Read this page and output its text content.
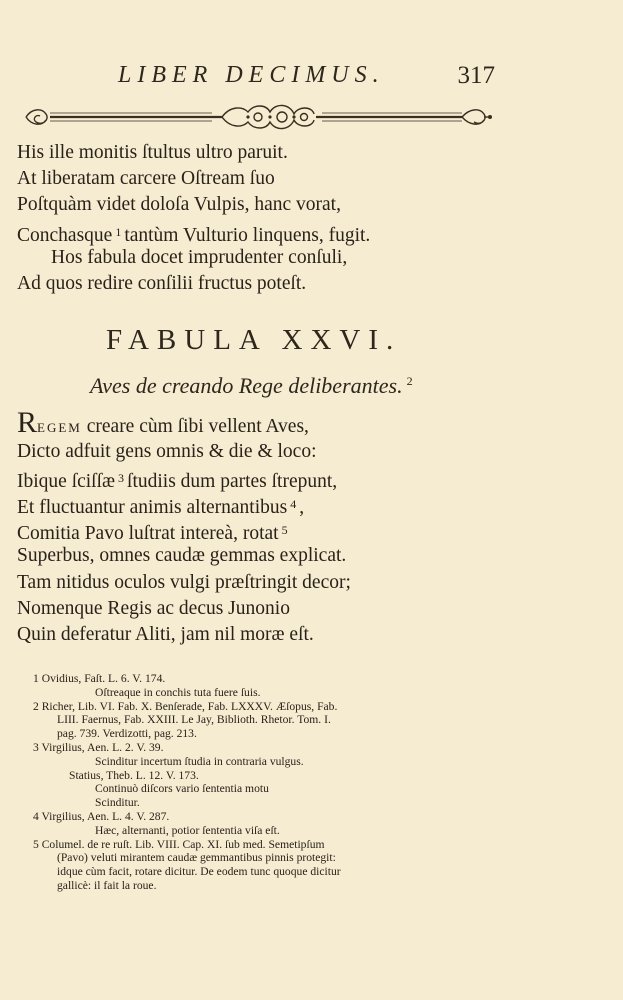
LIBER DECIMUS.	317
His ille monitis ſtultus ultro paruit.
At liberatam carcere Oſtream ſuo
Poſtquàm videt doloſa Vulpis, hanc vorat,
Conchasque $^1$ tantùm Vulturio linquens, fugit.
Hos fabula docet imprudenter conſuli,
Ad quos redire conſilii fructus poteſt.
FABULA XXVI.
Aves de creando Rege deliberantes. $^2$
REGEM creare cùm ſibi vellent Aves,
Dicto adfuit gens omnis & die & loco:
Ibique ſciſſæ $^3$ ſtudiis dum partes ſtrepunt,
Et fluctuantur animis alternantibus $^4$ ,
Comitia Pavo luſtrat intereà, rotat $^5$
Superbus, omnes caudæ gemmas explicat.
Tam nitidus oculos vulgi præſtringit decor;
Nomenque Regis ac decus Junonio
Quin deferatur Aliti, jam nil moræ eſt.
1 Ovidius, Faſt. L. 6. V. 174.
Oſtreaque in conchis tuta fuere ſuis.
2 Richer, Lib. VI. Fab. X. Benſerade, Fab. LXXXV. Æſopus, Fab.
LIII. Faernus, Fab. XXIII. Le Jay, Biblioth. Rhetor. Tom. I.
pag. 739. Verdizotti, pag. 213.
3 Virgilius, Aen. L. 2. V. 39.
Scinditur incertum ſtudia in contraria vulgus.
Statius, Theb. L. 12. V. 173.
Continuò diſcors vario ſententia motu
Scinditur.
4 Virgilius, Aen. L. 4. V. 287.
Hæc, alternanti, potior ſententia viſa eſt.
5 Columel. de re ruſt. Lib. VIII. Cap. XI. ſub med. Semetipſum
(Pavo) veluti mirantem caudæ gemmantibus pinnis protegit:
idque cùm facit, rotare dicitur. De eodem tunc quoque dicitur
gallicè: il fait la roue.
